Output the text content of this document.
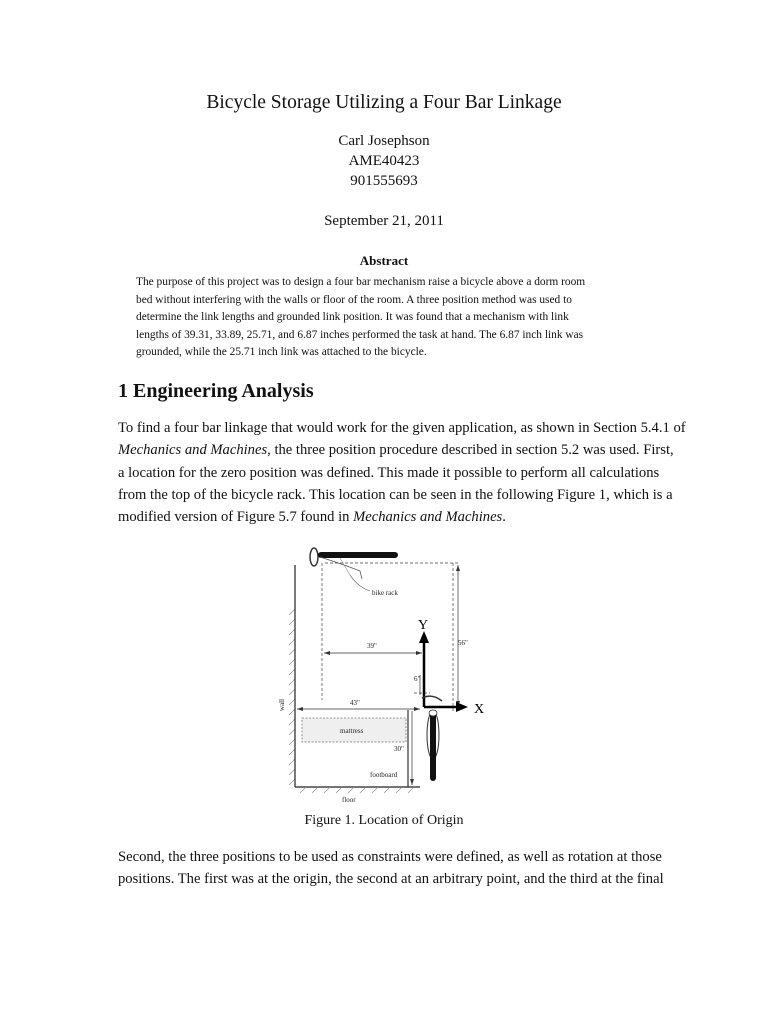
Bicycle Storage Utilizing a Four Bar Linkage
Carl Josephson
AME40423
901555693
September 21, 2011
Abstract
The purpose of this project was to design a four bar mechanism raise a bicycle above a dorm room
bed without interfering with the walls or floor of the room. A three position method was used to
determine the link lengths and grounded link position. It was found that a mechanism with link
lengths of 39.31, 33.89, 25.71, and 6.87 inches performed the task at hand. The 6.87 inch link was
grounded, while the 25.71 inch link was attached to the bicycle.
1 Engineering Analysis
To find a four bar linkage that would work for the given application, as shown in Section 5.4.1 of
Mechanics and Machines, the three position procedure described in section 5.2 was used. First,
a location for the zero position was defined. This made it possible to perform all calculations
from the top of the bicycle rack. This location can be seen in the following Figure 1, which is a
modified version of Figure 5.7 found in Mechanics and Machines.
bike rack
56"
39"
6"
43"
30"
wall
mattress
footboard
floor
Y
X
Figure 1. Location of Origin
Second, the three positions to be used as constraints were defined, as well as rotation at those
positions. The first was at the origin, the second at an arbitrary point, and the third at the final
